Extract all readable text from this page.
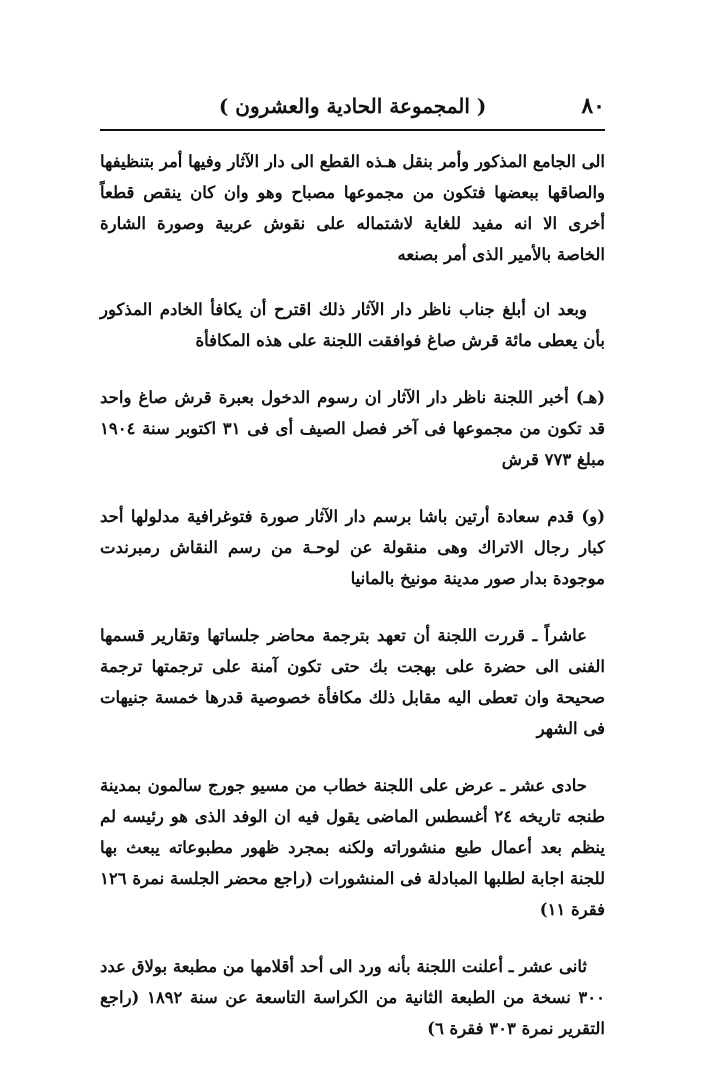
٨٠
( المجموعة الحادية والعشرون )

الى الجامع المذكور وأمر بنقل هـذه القطع الى دار الآثار وفيها أمر بتنظيفها والصاقها ببعضها فتكون من مجموعها مصباح وهو وان كان ينقص قطعاً أخرى الا انه مفيد للغاية لاشتماله على نقوش عربية وصورة الشارة الخاصة بالأمير الذى أمر بصنعه

وبعد ان أبلغ جناب ناظر دار الآثار ذلك اقترح أن يكافأ الخادم المذكور بأن يعطى مائة قرش صاغ فوافقت اللجنة على هذه المكافأة

(هـ) أخبر اللجنة ناظر دار الآثار ان رسوم الدخول بعبرة قرش صاغ واحد قد تكون من مجموعها فى آخر فصل الصيف أى فى ٣١ اكتوبر سنة ١٩٠٤ مبلغ ٧٧٣ قرش

(و) قدم سعادة أرتين باشا برسم دار الآثار صورة فتوغرافية مدلولها أحد كبار رجال الاتراك وهى منقولة عن لوحـة من رسم النقاش رمبرندت موجودة بدار صور مدينة مونيخ بالمانيا

عاشراً ـ قررت اللجنة أن تعهد بترجمة محاضر جلساتها وتقارير قسمها الفنى الى حضرة على بهجت بك حتى تكون آمنة على ترجمتها ترجمة صحيحة وان تعطى اليه مقابل ذلك مكافأة خصوصية قدرها خمسة جنيهات فى الشهر

حادى عشر ـ عرض على اللجنة خطاب من مسيو جورج سالمون بمدينة طنجه تاريخه ٢٤ أغسطس الماضى يقول فيه ان الوفد الذى هو رئيسه لم ينظم بعد أعمال طبع منشوراته ولكنه بمجرد ظهور مطبوعاته يبعث بها للجنة اجابة لطلبها المبادلة فى المنشورات (راجع محضر الجلسة نمرة ١٢٦ فقرة ١١)

ثانى عشر ـ أعلنت اللجنة بأنه ورد الى أحد أقلامها من مطبعة بولاق عدد ٣٠٠ نسخة من الطبعة الثانية من الكراسة التاسعة عن سنة ١٨٩٢ (راجع التقرير نمرة ٣٠٣ فقرة ٦)
